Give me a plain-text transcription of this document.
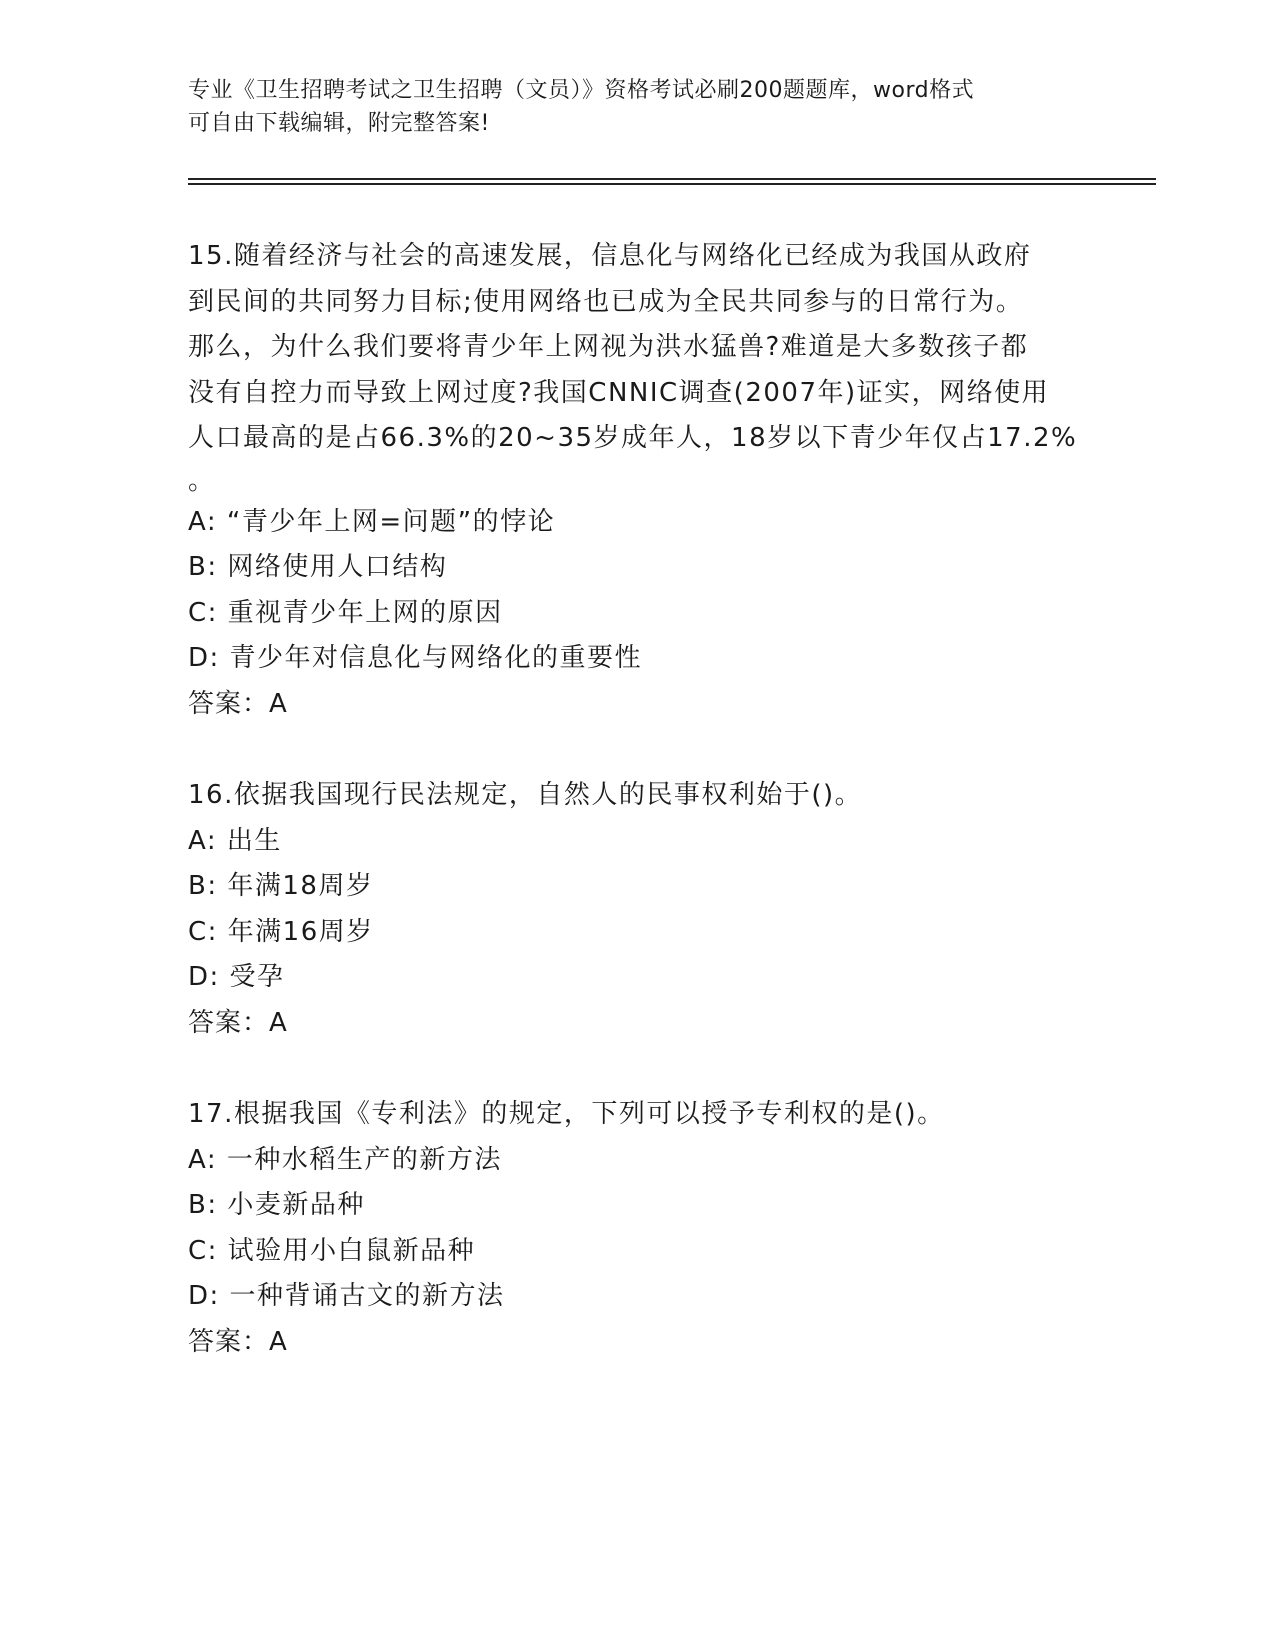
专业《卫生招聘考试之卫生招聘（文员）》资格考试必刷200题题库，word格式
可自由下载编辑，附完整答案!
15.随着经济与社会的高速发展，信息化与网络化已经成为我国从政府
到民间的共同努力目标;使用网络也已成为全民共同参与的日常行为。
那么，为什么我们要将青少年上网视为洪水猛兽?难道是大多数孩子都
没有自控力而导致上网过度?我国CNNIC调查(2007年)证实，网络使用
人口最高的是占66.3%的20~35岁成年人，18岁以下青少年仅占17.2%
。
A: “青少年上网=问题”的悖论
B: 网络使用人口结构
C: 重视青少年上网的原因
D: 青少年对信息化与网络化的重要性
答案：A
16.依据我国现行民法规定，自然人的民事权利始于()。
A: 出生
B: 年满18周岁
C: 年满16周岁
D: 受孕
答案：A
17.根据我国《专利法》的规定，下列可以授予专利权的是()。
A: 一种水稻生产的新方法
B: 小麦新品种
C: 试验用小白鼠新品种
D: 一种背诵古文的新方法
答案：A
